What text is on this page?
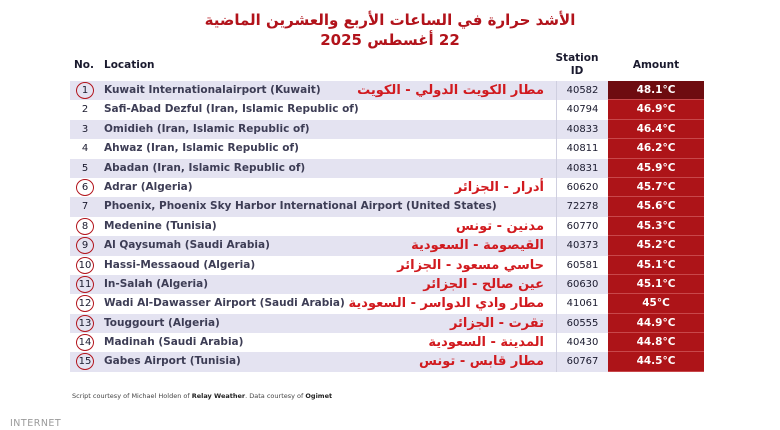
الأشد حرارة في الساعات الأربع والعشرين الماضية
22 أغسطس 2025
No. Location
Station
ID	Amount
1	Kuwait Internationalairport (Kuwait)	مطار الكويت الدولي - الكويت	40582	48.1°C
2	Safi-Abad Dezful (Iran, Islamic Republic of)	40794	46.9°C
3	Omidieh (Iran, Islamic Republic of)	40833	46.4°C
4	Ahwaz (Iran, Islamic Republic of)	40811	46.2°C
5	Abadan (Iran, Islamic Republic of)	40831	45.9°C
6	Adrar (Algeria)	أدرار - الجزائر	60620	45.7°C
7	Phoenix, Phoenix Sky Harbor International Airport (United States)	72278	45.6°C
8	Medenine (Tunisia)	مدنين - تونس	60770	45.3°C
9	Al Qaysumah (Saudi Arabia)	القيصومة - السعودية	40373	45.2°C
10 Hassi-Messaoud (Algeria)	حاسي مسعود - الجزائر	60581	45.1°C
11 In-Salah (Algeria)	عين صالح - الجزائر	60630	45.1°C
12 Wadi Al-Dawasser Airport (Saudi Arabia) مطار وادي الدواسر - السعودية	41061	45°C
13 Touggourt (Algeria)	تقرت - الجزائر	60555	44.9°C
14 Madinah (Saudi Arabia)	المدينة - السعودية	40430	44.8°C
15 Gabes Airport (Tunisia)	مطار قابس - تونس	60767	44.5°C
Script courtesy of Michael Holden of Relay Weather. Data courtesy of Ogimet
INTERNET
